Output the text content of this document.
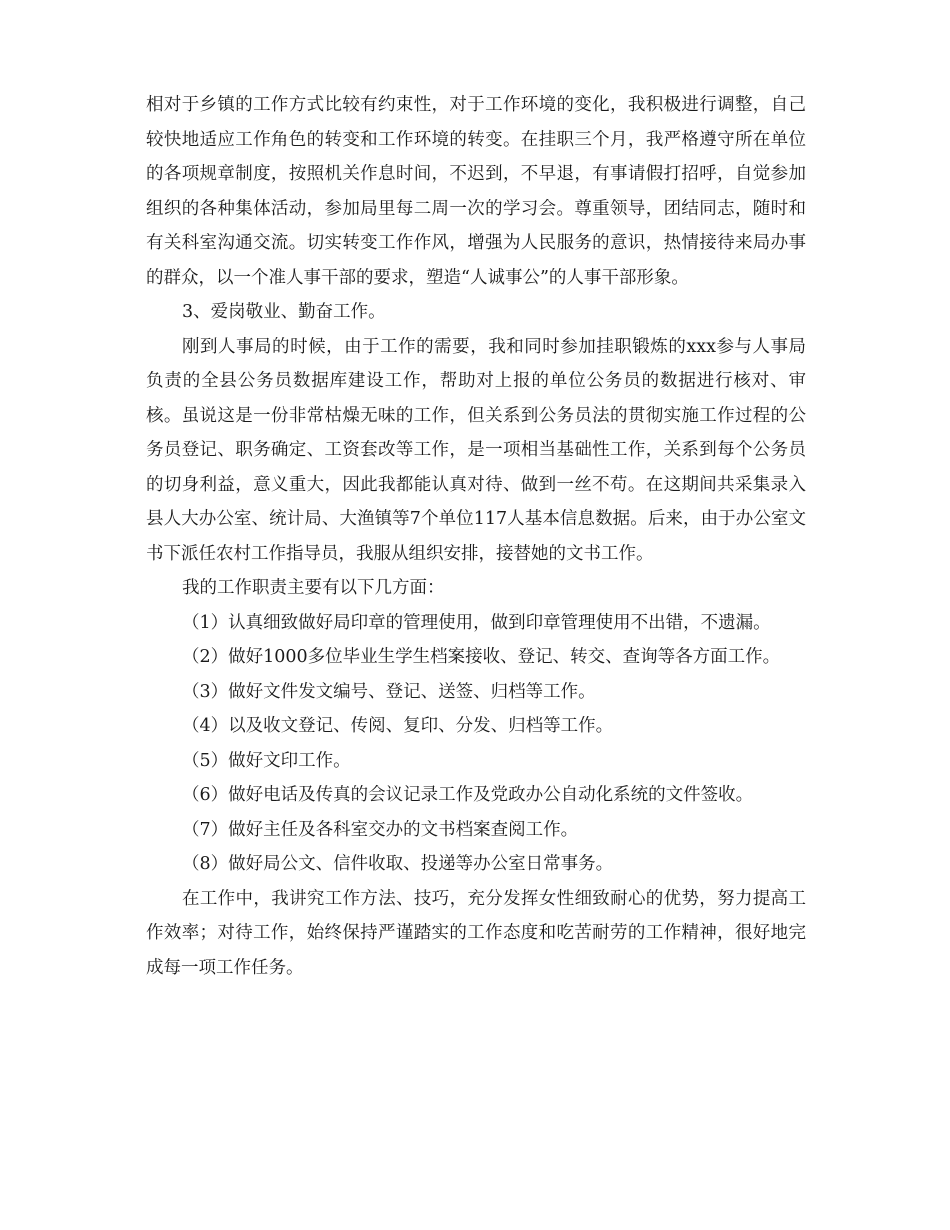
相对于乡镇的工作方式比较有约束性，对于工作环境的变化，我积极进行调整，自己较快地适应工作角色的转变和工作环境的转变。在挂职三个月，我严格遵守所在单位的各项规章制度，按照机关作息时间，不迟到，不早退，有事请假打招呼，自觉参加组织的各种集体活动，参加局里每二周一次的学习会。尊重领导，团结同志，随时和有关科室沟通交流。切实转变工作作风，增强为人民服务的意识，热情接待来局办事的群众，以一个准人事干部的要求，塑造“人诚事公”的人事干部形象。

3、爱岗敬业、勤奋工作。

刚到人事局的时候，由于工作的需要，我和同时参加挂职锻炼的xxx参与人事局负责的全县公务员数据库建设工作，帮助对上报的单位公务员的数据进行核对、审核。虽说这是一份非常枯燥无味的工作，但关系到公务员法的贯彻实施工作过程的公务员登记、职务确定、工资套改等工作，是一项相当基础性工作，关系到每个公务员的切身利益，意义重大，因此我都能认真对待、做到一丝不苟。在这期间共采集录入县人大办公室、统计局、大渔镇等7个单位117人基本信息数据。后来，由于办公室文书下派任农村工作指导员，我服从组织安排，接替她的文书工作。

我的工作职责主要有以下几方面：

（1）认真细致做好局印章的管理使用，做到印章管理使用不出错，不遗漏。

（2）做好1000多位毕业生学生档案接收、登记、转交、查询等各方面工作。

（3）做好文件发文编号、登记、送签、归档等工作。

（4）以及收文登记、传阅、复印、分发、归档等工作。

（5）做好文印工作。

（6）做好电话及传真的会议记录工作及党政办公自动化系统的文件签收。

（7）做好主任及各科室交办的文书档案查阅工作。

（8）做好局公文、信件收取、投递等办公室日常事务。

在工作中，我讲究工作方法、技巧，充分发挥女性细致耐心的优势，努力提高工作效率；对待工作，始终保持严谨踏实的工作态度和吃苦耐劳的工作精神，很好地完成每一项工作任务。
